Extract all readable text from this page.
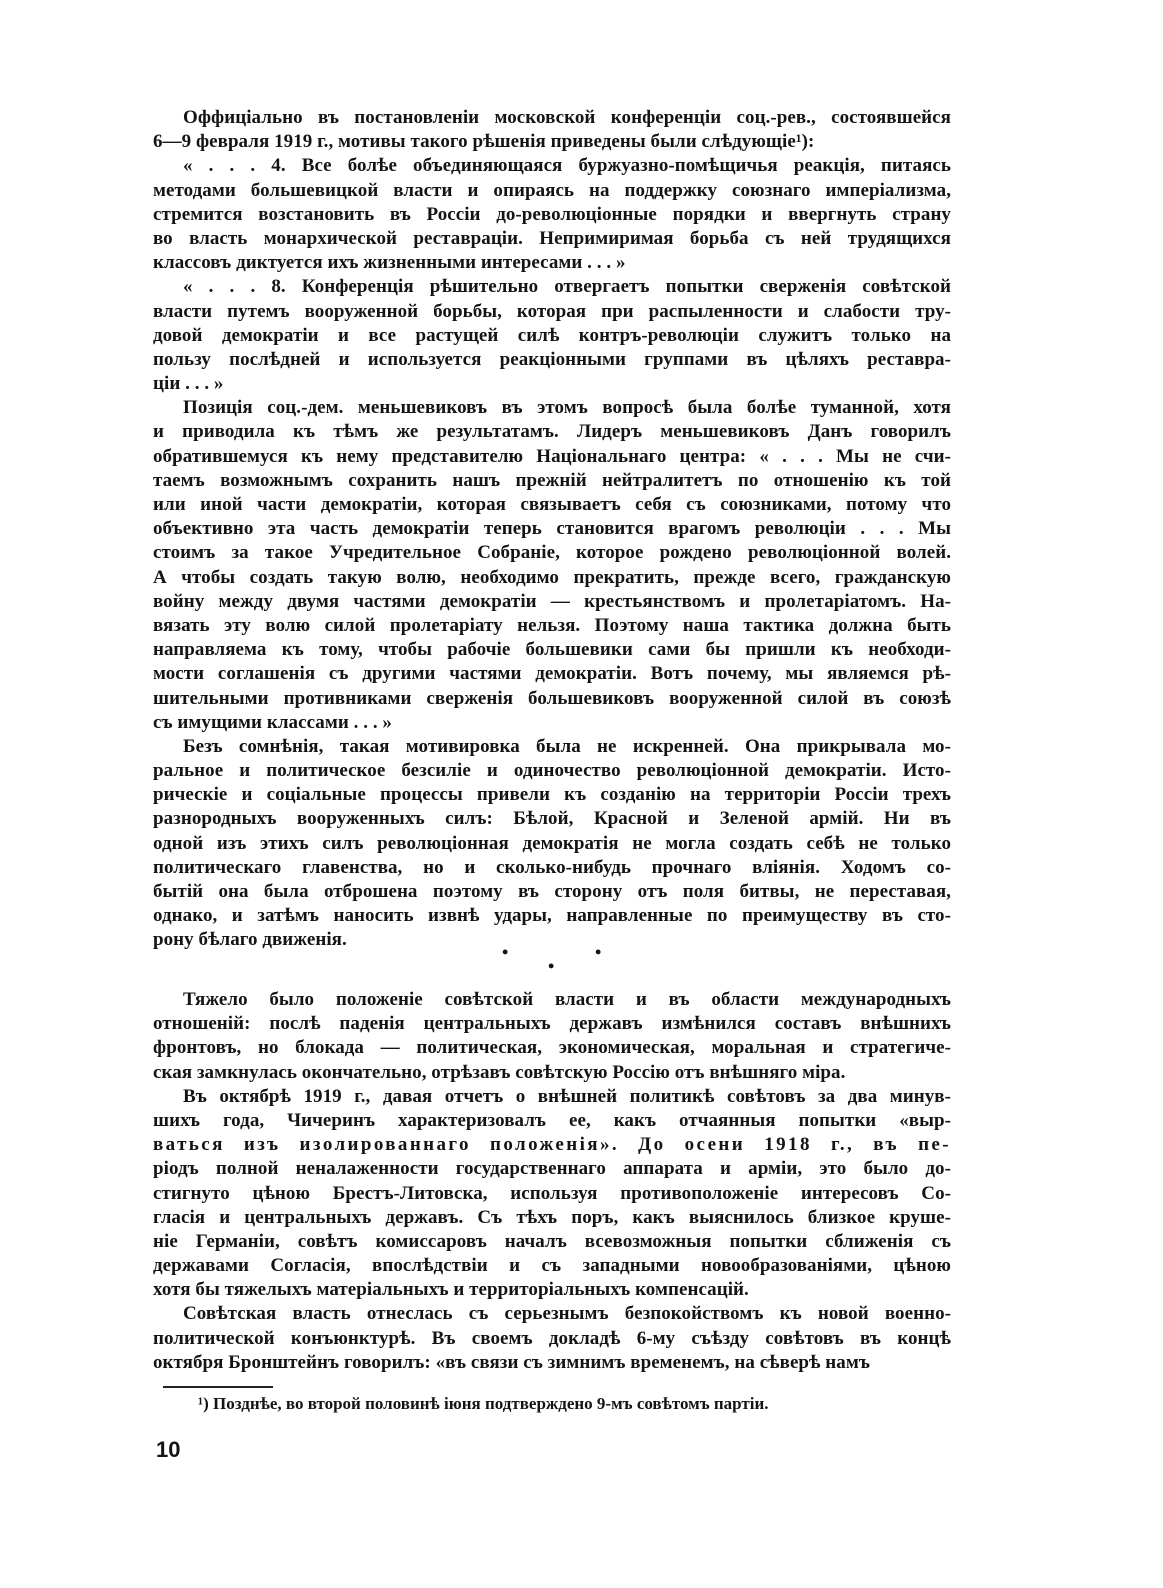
Оффиціально въ постановленіи московской конференціи соц.-рев., состоявшейся
6—9 февраля 1919 г., мотивы такого рѣшенія приведены были слѣдующіе¹):
« . . . 4. Все болѣе объединяющаяся буржуазно-помѣщичья реакція, питаясь
методами большевицкой власти и опираясь на поддержку союзнаго имперіализма,
стремится возстановить въ Россіи до-революціонные порядки и ввергнуть страну
во власть монархической реставраціи. Непримиримая борьба съ ней трудящихся
классовъ диктуется ихъ жизненными интересами . . . »
« . . . 8. Конференція рѣшительно отвергаетъ попытки сверженія совѣтской
власти путемъ вооруженной борьбы, которая при распыленности и слабости тру-
довой демократіи и все растущей силѣ контръ-революціи служитъ только на
пользу послѣдней и используется реакціонными группами въ цѣляхъ реставра-
ціи . . . »
Позиція соц.-дем. меньшевиковъ въ этомъ вопросѣ была болѣе туманной, хотя
и приводила къ тѣмъ же результатамъ. Лидеръ меньшевиковъ Данъ говорилъ
обратившемуся къ нему представителю Національнаго центра: « . . . Мы не счи-
таемъ возможнымъ сохранить нашъ прежній нейтралитетъ по отношенію къ той
или иной части демократіи, которая связываетъ себя съ союзниками, потому что
объективно эта часть демократіи теперь становится врагомъ революціи . . . Мы
стоимъ за такое Учредительное Собраніе, которое рождено революціонной волей.
А чтобы создать такую волю, необходимо прекратить, прежде всего, гражданскую
войну между двумя частями демократіи — крестьянствомъ и пролетаріатомъ. На-
вязать эту волю силой пролетаріату нельзя. Поэтому наша тактика должна быть
направляема къ тому, чтобы рабочіе большевики сами бы пришли къ необходи-
мости соглашенія съ другими частями демократіи. Вотъ почему, мы являемся рѣ-
шительными противниками сверженія большевиковъ вооруженной силой въ союзѣ
съ имущими классами . . . »
Безъ сомнѣнія, такая мотивировка была не искренней. Она прикрывала мо-
ральное и политическое безсиліе и одиночество революціонной демократіи. Исто-
рическіе и соціальные процессы привели къ созданію на территоріи Россіи трехъ
разнородныхъ вооруженныхъ силъ: Бѣлой, Красной и Зеленой армій. Ни въ
одной изъ этихъ силъ революціонная демократія не могла создать себѣ не только
политическаго главенства, но и сколько-нибудь прочнаго вліянія. Ходомъ со-
бытій она была отброшена поэтому въ сторону отъ поля битвы, не переставая,
однако, и затѣмъ наносить извнѣ удары, направленные по преимуществу въ сто-
рону бѣлаго движенія.
•
•
•
Тяжело было положеніе совѣтской власти и въ области международныхъ
отношеній: послѣ паденія центральныхъ державъ измѣнился составъ внѣшнихъ
фронтовъ, но блокада — политическая, экономическая, моральная и стратегиче-
ская замкнулась окончательно, отрѣзавъ совѣтскую Россію отъ внѣшняго міра.
Въ октябрѣ 1919 г., давая отчетъ о внѣшней политикѣ совѣтовъ за два минув-
шихъ года, Чичеринъ характеризовалъ ее, какъ отчаянныя попытки «выр-
ваться изъ изолированнаго положенія». До осени 1918 г., въ пе-
ріодъ полной неналаженности государственнаго аппарата и арміи, это было до-
стигнуто цѣною Брестъ-Литовска, используя противоположеніе интересовъ Со-
гласія и центральныхъ державъ. Съ тѣхъ поръ, какъ выяснилось близкое круше-
ніе Германіи, совѣтъ комиссаровъ началъ всевозможныя попытки сближенія съ
державами Согласія, впослѣдствіи и съ западными новообразованіями, цѣною
хотя бы тяжелыхъ матеріальныхъ и территоріальныхъ компенсацій.
Совѣтская власть отнеслась съ серьезнымъ безпокойствомъ къ новой военно-
политической конъюнктурѣ. Въ своемъ докладѣ 6-му съѣзду совѣтовъ въ концѣ
октября Бронштейнъ говорилъ: «въ связи съ зимнимъ временемъ, на сѣверѣ намъ
¹) Позднѣе, во второй половинѣ іюня подтверждено 9-мъ совѣтомъ партіи.
10
